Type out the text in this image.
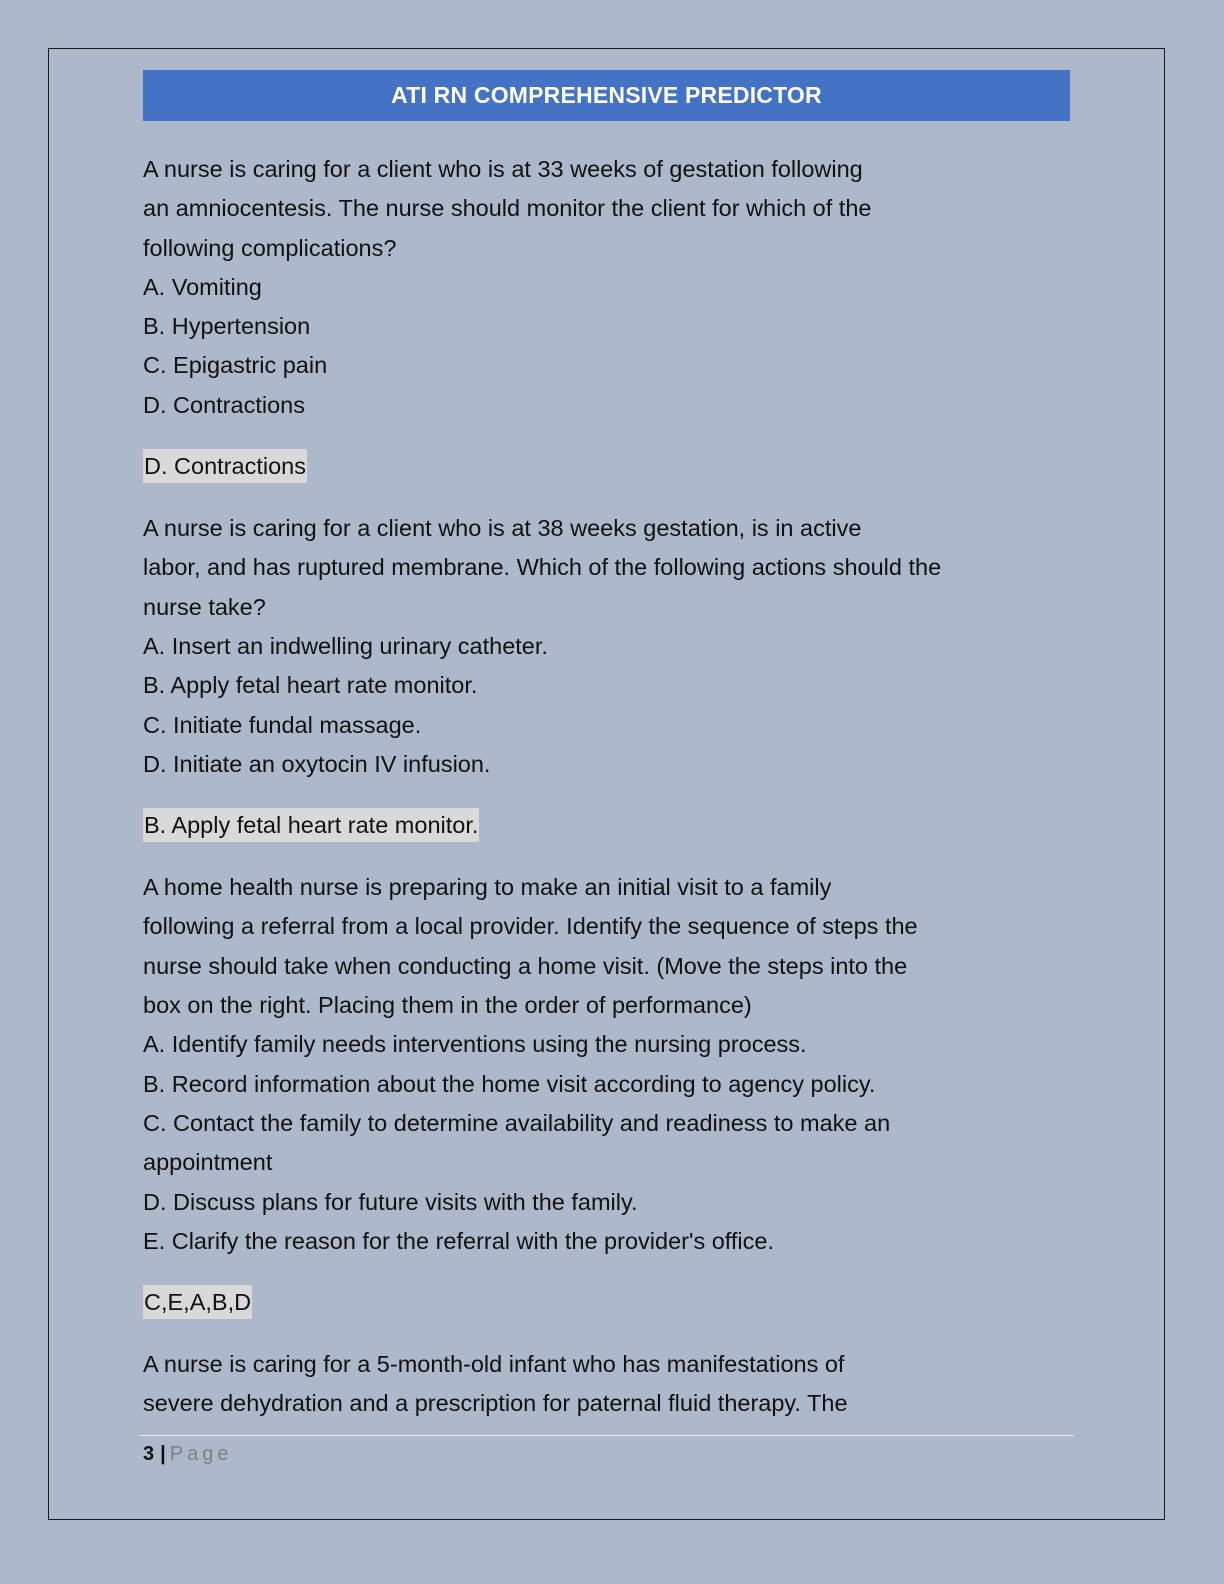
ATI RN COMPREHENSIVE PREDICTOR

A nurse is caring for a client who is at 33 weeks of gestation following

an amniocentesis. The nurse should monitor the client for which of the

following complications?

A. Vomiting
B. Hypertension
C. Epigastric pain
D. Contractions
D. Contractions

A nurse is caring for a client who is at 38 weeks gestation, is in active

labor, and has ruptured membrane. Which of the following actions should the

nurse take?

A. Insert an indwelling urinary catheter.
B. Apply fetal heart rate monitor.
C. Initiate fundal massage.
D. Initiate an oxytocin IV infusion.
B. Apply fetal heart rate monitor.

A home health nurse is preparing to make an initial visit to a family

following a referral from a local provider. Identify the sequence of steps the

nurse should take when conducting a home visit. (Move the steps into the

box on the right. Placing them in the order of performance)

A. Identify family needs interventions using the nursing process.
B. Record information about the home visit according to agency policy.
C. Contact the family to determine availability and readiness to make an
appointment
D. Discuss plans for future visits with the family.
E. Clarify the reason for the referral with the provider's office.
C,E,A,B,D

A nurse is caring for a 5-month-old infant who has manifestations of

severe dehydration and a prescription for paternal fluid therapy. The

3 | Page
